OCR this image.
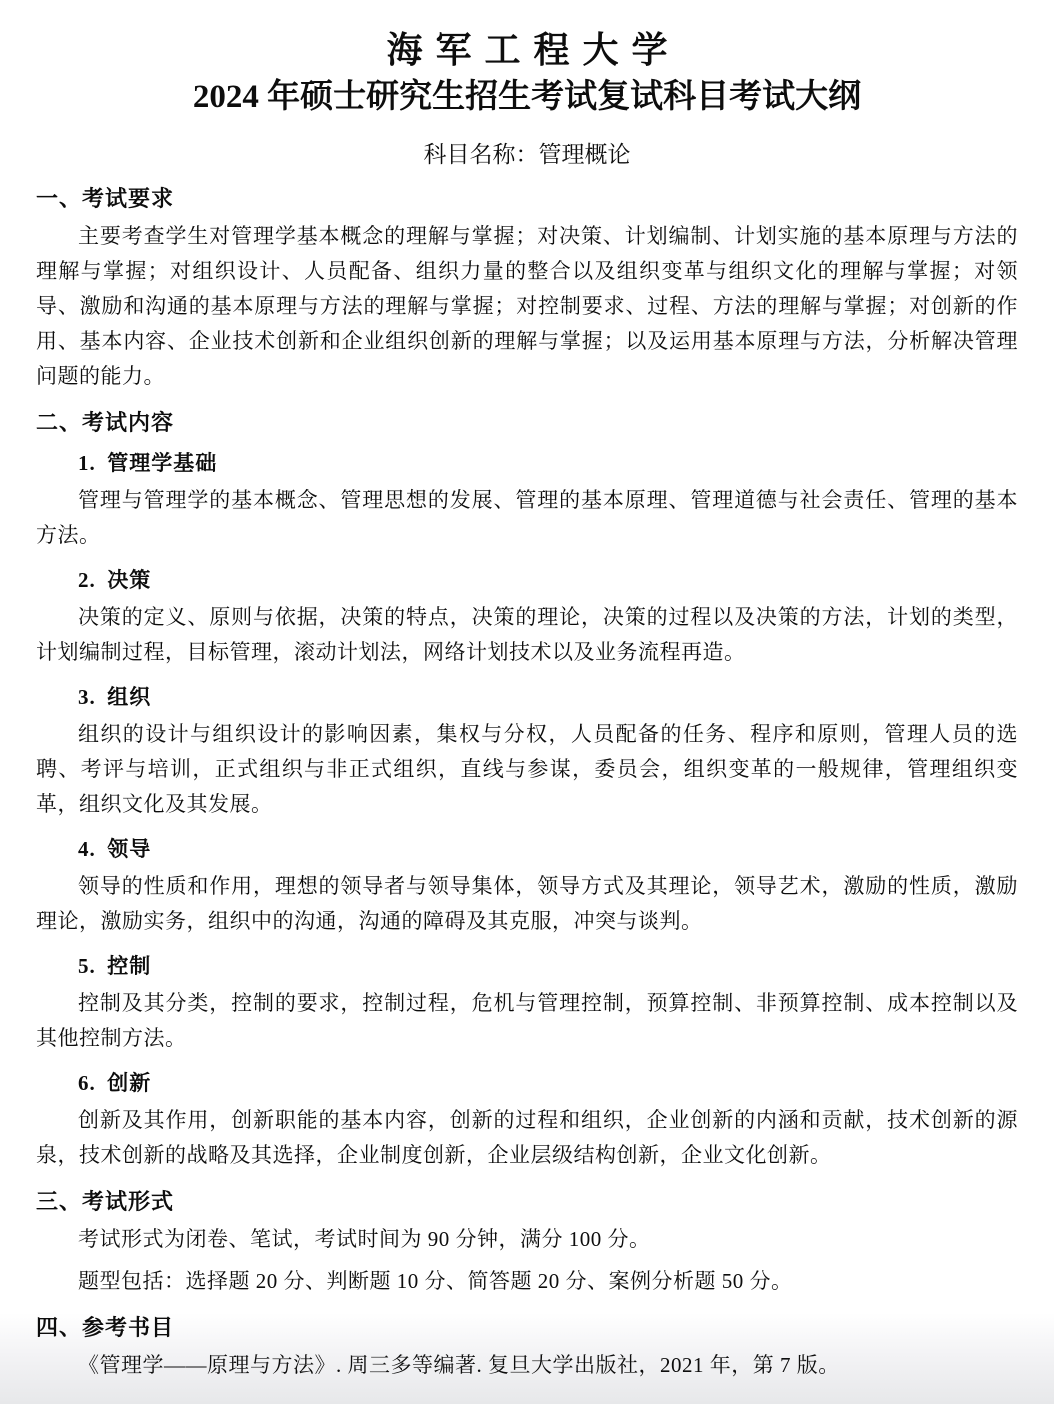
海 军 工 程 大 学
2024 年硕士研究生招生考试复试科目考试大纲
科目名称：管理概论
一、考试要求

主要考查学生对管理学基本概念的理解与掌握；对决策、计划编制、计划实施的基本原理与方法的理解与掌握；对组织设计、人员配备、组织力量的整合以及组织变革与组织文化的理解与掌握；对领导、激励和沟通的基本原理与方法的理解与掌握；对控制要求、过程、方法的理解与掌握；对创新的作用、基本内容、企业技术创新和企业组织创新的理解与掌握；以及运用基本原理与方法，分析解决管理问题的能力。

二、考试内容
1. 管理学基础

管理与管理学的基本概念、管理思想的发展、管理的基本原理、管理道德与社会责任、管理的基本方法。

2. 决策

决策的定义、原则与依据，决策的特点，决策的理论，决策的过程以及决策的方法，计划的类型，计划编制过程，目标管理，滚动计划法，网络计划技术以及业务流程再造。

3. 组织

组织的设计与组织设计的影响因素，集权与分权，人员配备的任务、程序和原则，管理人员的选聘、考评与培训，正式组织与非正式组织，直线与参谋，委员会，组织变革的一般规律，管理组织变革，组织文化及其发展。

4. 领导

领导的性质和作用，理想的领导者与领导集体，领导方式及其理论，领导艺术，激励的性质，激励理论，激励实务，组织中的沟通，沟通的障碍及其克服，冲突与谈判。

5. 控制

控制及其分类，控制的要求，控制过程，危机与管理控制，预算控制、非预算控制、成本控制以及其他控制方法。

6. 创新

创新及其作用，创新职能的基本内容，创新的过程和组织，企业创新的内涵和贡献，技术创新的源泉，技术创新的战略及其选择，企业制度创新，企业层级结构创新，企业文化创新。

三、考试形式

考试形式为闭卷、笔试，考试时间为 90 分钟，满分 100 分。

题型包括：选择题 20 分、判断题 10 分、简答题 20 分、案例分析题 50 分。

四、参考书目

《管理学——原理与方法》. 周三多等编著. 复旦大学出版社，2021 年，第 7 版。
